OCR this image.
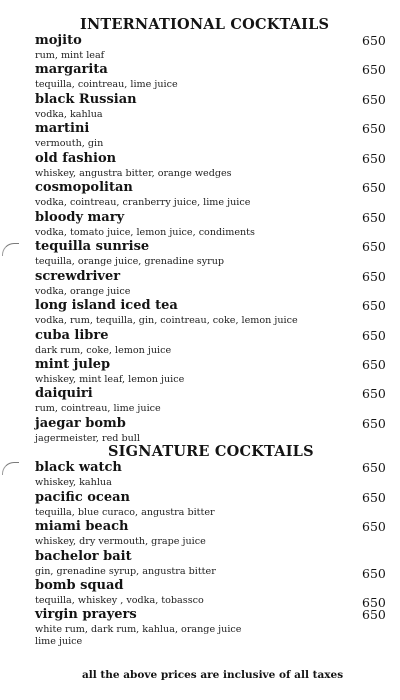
INTERNATIONAL COCKTAILS
mojito	650
rum, mint leaf
margarita	650
tequilla, cointreau, lime juice
black Russian	650
vodka, kahlua
martini	650
vermouth, gin
old fashion	650
whiskey, angustra bitter, orange wedges
cosmopolitan	650
vodka, cointreau, cranberry juice, lime juice
bloody mary	650
vodka, tomato juice, lemon juice, condiments
tequilla sunrise	650
tequilla, orange juice, grenadine syrup
screwdriver	650
vodka, orange juice
long island iced tea	650
vodka, rum, tequilla, gin, cointreau, coke, lemon juice
cuba libre	650
dark rum, coke, lemon juice
mint julep	650
whiskey, mint leaf, lemon juice
daiquiri	650
rum, cointreau, lime juice
jaegar bomb	650
jagermeister, red bull
SIGNATURE COCKTAILS
black watch	650
whiskey, kahlua
pacific ocean	650
tequilla, blue curaco, angustra bitter
miami beach	650
whiskey, dry vermouth, grape juice
bachelor bait
gin, grenadine syrup, angustra bitter	650
bomb squad
tequilla, whiskey , vodka, tobassco	650
virgin prayers	650
white rum, dark rum, kahlua, orange juice
lime juice
all the above prices are inclusive of all taxes
